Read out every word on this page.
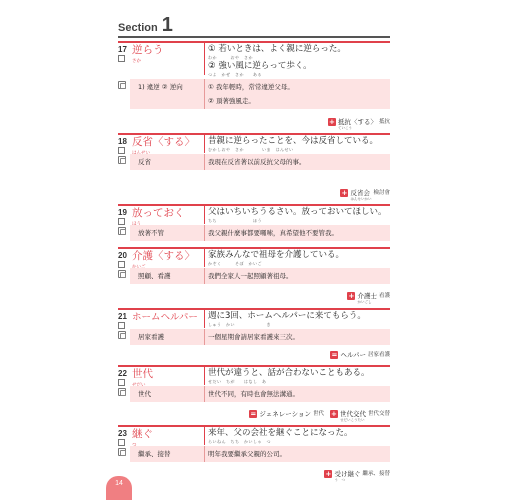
Section 1
17 逆らう
さか
① 若いときは、よく親に逆らった。
わか　　　おや　さか
② 強い風に逆らって歩く。
つよ　かぜ　さか　　ある
1) 違逆 ② 逆向	① 我年輕時，常常違逆父母。
② 頂著強風走。
+ 抵抗〈する〉
ていこう
抵抗
18 反省〈する〉	昔親に逆らったことを、今は反省している。
むかしおや　さか　　　　いま　はんせい
反省	我現在反省著以前反抗父母的事。
+ 反省会
はんせいかい
檢討會
19 放っておく	父はいちいちうるさい。放っておいてほしい。
ちち　　　　　　　　ほう
放著不管	我父親什麼事都要囉嗦，真希望他不要管我。
20 介護〈する〉	家族みんなで祖母を介護している。
かぞく　　　そぼ　かいご
照顧、看護	我們全家人一起照顧著祖母。
+ 介護士
かいごし
看護
21 ホームヘルパー	週に3回、ホームヘルパーに来てもらう。
しゅう　かい　　　　　　　き
居家看護	一個星期會請居家看護來三次。
= ヘルパー 居家看護
22 世代	世代が違うと、話が合わないこともある。
せだい　ちが　　はなし　あ
世代	世代不同，有時也會無法溝通。
= ジェネレーション 世代 + 世代交代
せだいこうたい
世代交替
23 継ぐ	来年、父の会社を継ぐことになった。
らいねん　ちち　かいしゃ　つ
繼承、接替	明年我要繼承父親的公司。
+ 受け継ぐ
う　つ
繼承、接替
14
